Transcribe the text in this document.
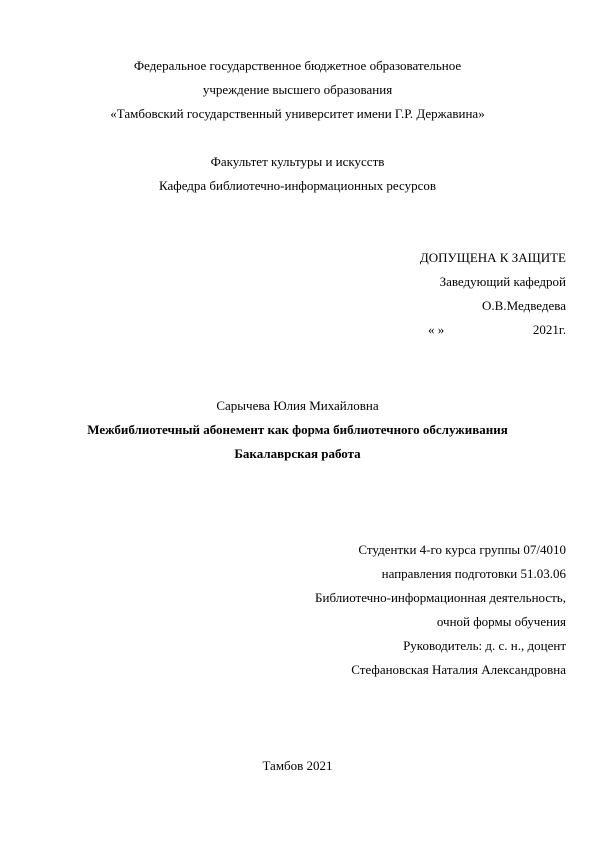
Федеральное государственное бюджетное образовательное
учреждение высшего образования
«Тамбовский государственный университет имени Г.Р. Державина»
Факультет культуры и искусств
Кафедра библиотечно-информационных ресурсов
ДОПУЩЕНА К ЗАЩИТЕ
Заведующий кафедрой
О.В.Медведева
« »	2021г.
Сарычева Юлия Михайловна
Межбиблиотечный абонемент как форма библиотечного обслуживания
Бакалаврская работа
Студентки 4-го курса группы 07/4010
направления подготовки 51.03.06
Библиотечно-информационная деятельность,
очной формы обучения
Руководитель: д. с. н., доцент
Стефановская Наталия Александровна
Тамбов 2021
